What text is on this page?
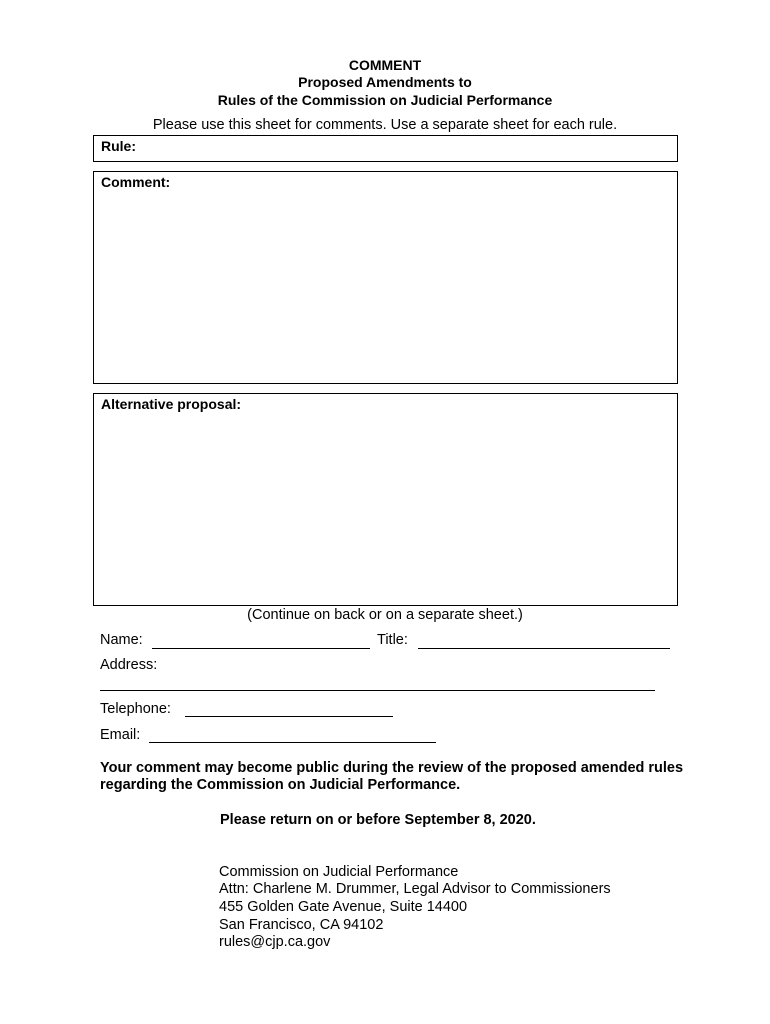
COMMENT
Proposed Amendments to
Rules of the Commission on Judicial Performance
Please use this sheet for comments. Use a separate sheet for each rule.
Rule:
Comment:
Alternative proposal:
(Continue on back or on a separate sheet.)
Name:	Title:
Address:
Telephone:
Email:
Your comment may become public during the review of the proposed amended rules regarding the Commission on Judicial Performance.
Please return on or before September 8, 2020.
Commission on Judicial Performance
Attn: Charlene M. Drummer, Legal Advisor to Commissioners
455 Golden Gate Avenue, Suite 14400
San Francisco, CA 94102
rules@cjp.ca.gov
